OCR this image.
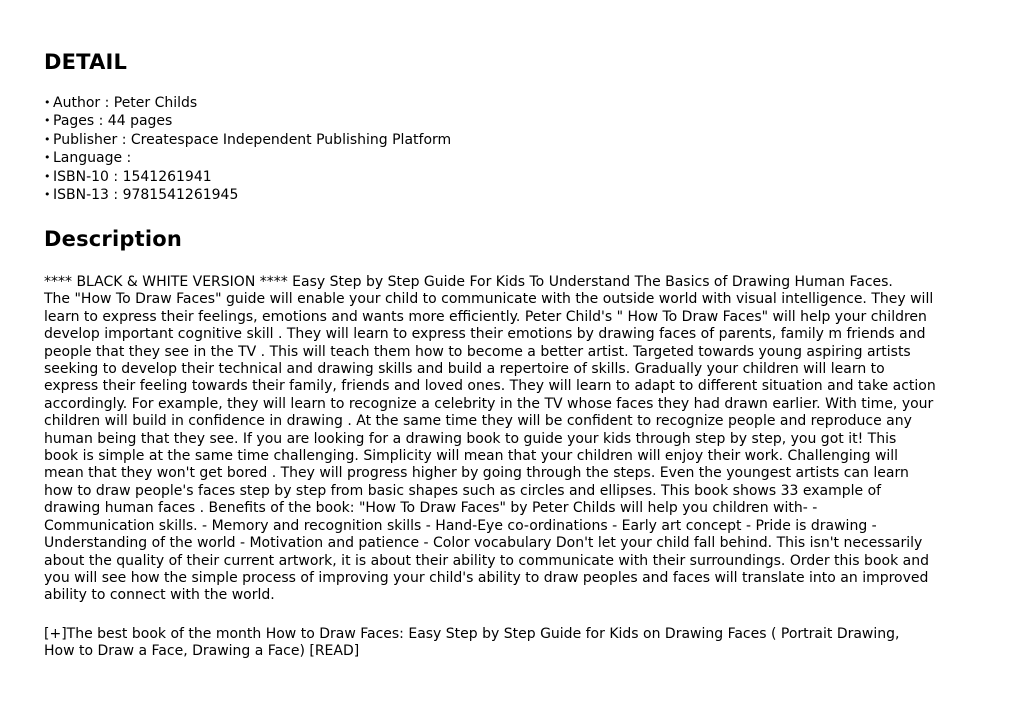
DETAIL
• Author : Peter Childs
• Pages : 44 pages
• Publisher : Createspace Independent Publishing Platform
• Language :
• ISBN-10 : 1541261941
• ISBN-13 : 9781541261945
Description
**** BLACK & WHITE VERSION **** Easy Step by Step Guide For Kids To Understand The Basics of Drawing Human Faces.
The "How To Draw Faces" guide will enable your child to communicate with the outside world with visual intelligence. They will
learn to express their feelings, emotions and wants more efficiently. Peter Child's " How To Draw Faces" will help your children
develop important cognitive skill . They will learn to express their emotions by drawing faces of parents, family m friends and
people that they see in the TV . This will teach them how to become a better artist. Targeted towards young aspiring artists
seeking to develop their technical and drawing skills and build a repertoire of skills. Gradually your children will learn to
express their feeling towards their family, friends and loved ones. They will learn to adapt to different situation and take action
accordingly. For example, they will learn to recognize a celebrity in the TV whose faces they had drawn earlier. With time, your
children will build in confidence in drawing . At the same time they will be confident to recognize people and reproduce any
human being that they see. If you are looking for a drawing book to guide your kids through step by step, you got it! This
book is simple at the same time challenging. Simplicity will mean that your children will enjoy their work. Challenging will
mean that they won't get bored . They will progress higher by going through the steps. Even the youngest artists can learn
how to draw people's faces step by step from basic shapes such as circles and ellipses. This book shows 33 example of
drawing human faces . Benefits of the book: "How To Draw Faces" by Peter Childs will help you children with- -
Communication skills. - Memory and recognition skills - Hand-Eye co-ordinations - Early art concept - Pride is drawing -
Understanding of the world - Motivation and patience - Color vocabulary Don't let your child fall behind. This isn't necessarily
about the quality of their current artwork, it is about their ability to communicate with their surroundings. Order this book and
you will see how the simple process of improving your child's ability to draw peoples and faces will translate into an improved
ability to connect with the world.
[+]The best book of the month How to Draw Faces: Easy Step by Step Guide for Kids on Drawing Faces ( Portrait Drawing,
How to Draw a Face, Drawing a Face) [READ]
